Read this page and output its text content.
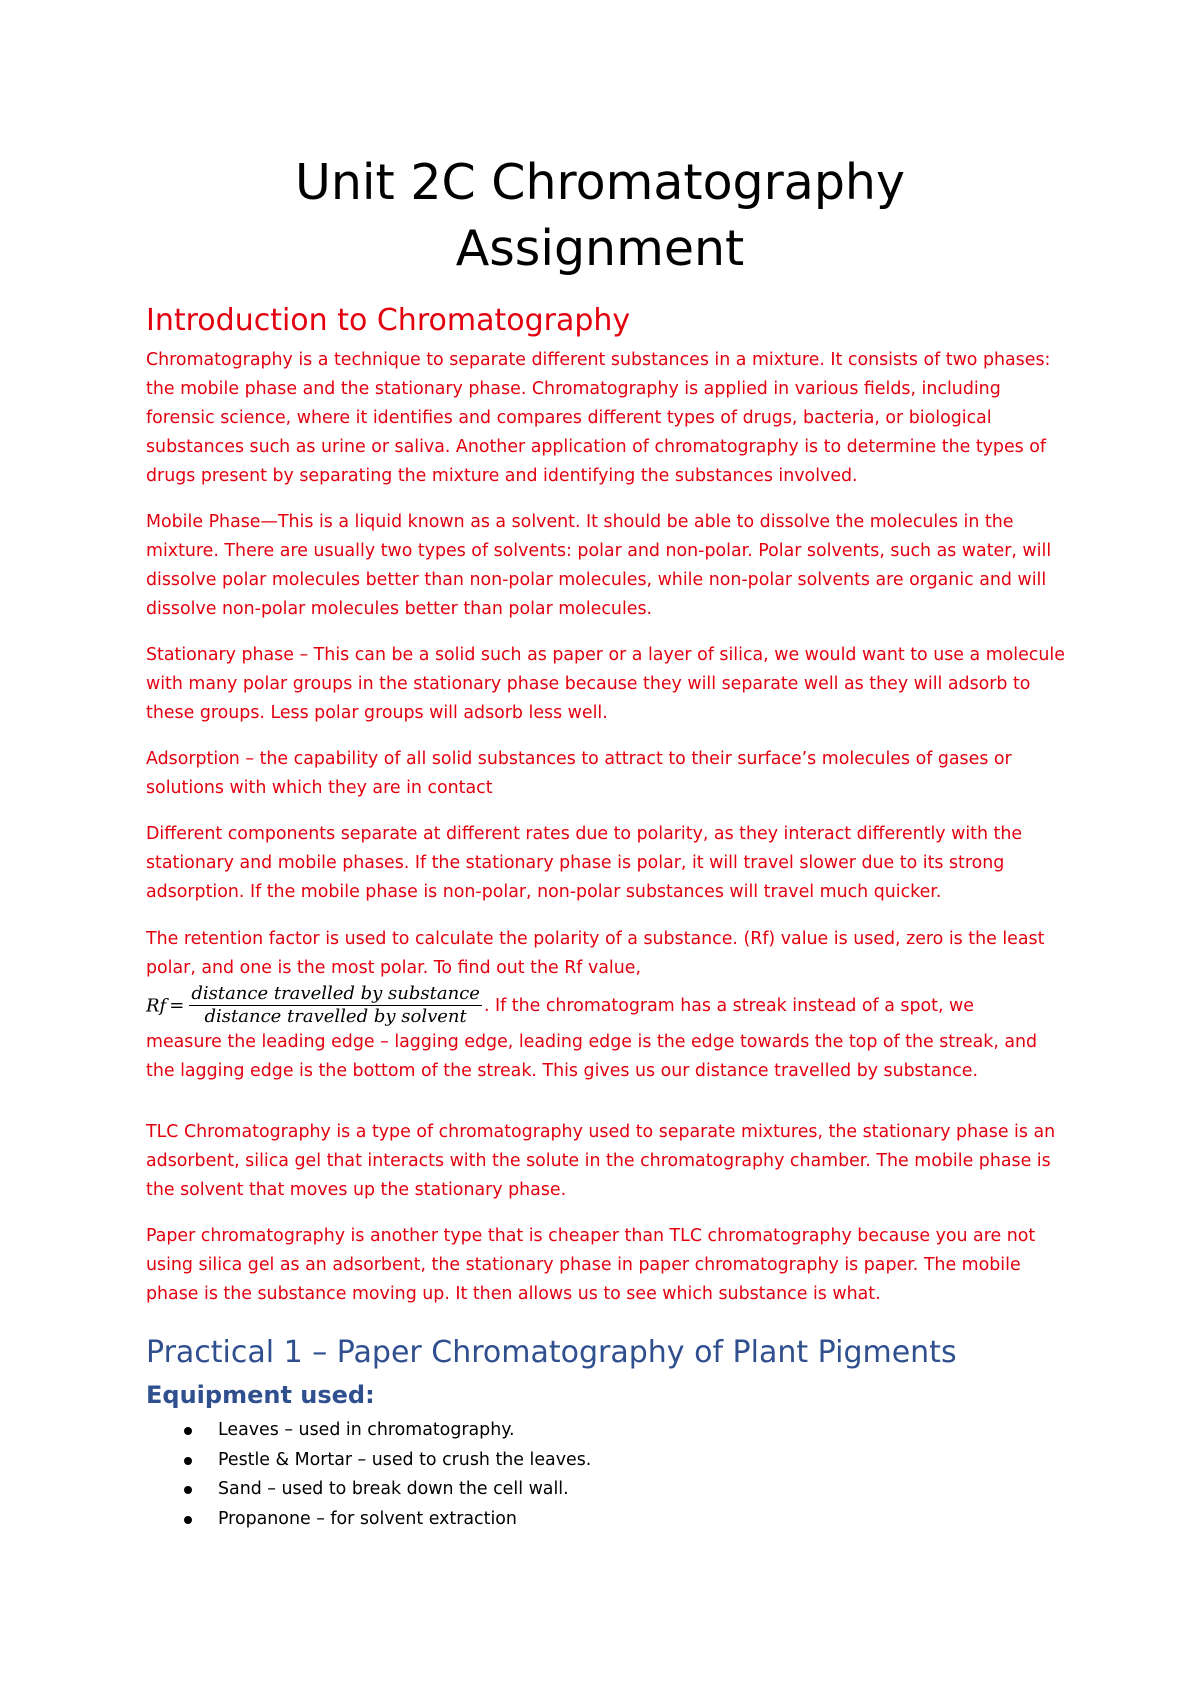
Unit 2C Chromatography
Assignment
Introduction to Chromatography

Chromatography is a technique to separate different substances in a mixture. It consists of two phases: the mobile phase and the stationary phase. Chromatography is applied in various fields, including forensic science, where it identifies and compares different types of drugs, bacteria, or biological substances such as urine or saliva. Another application of chromatography is to determine the types of drugs present by separating the mixture and identifying the substances involved.

Mobile Phase—This is a liquid known as a solvent. It should be able to dissolve the molecules in the mixture. There are usually two types of solvents: polar and non-polar. Polar solvents, such as water, will dissolve polar molecules better than non-polar molecules, while non-polar solvents are organic and will dissolve non-polar molecules better than polar molecules.

Stationary phase – This can be a solid such as paper or a layer of silica, we would want to use a molecule with many polar groups in the stationary phase because they will separate well as they will adsorb to these groups. Less polar groups will adsorb less well.

Adsorption – the capability of all solid substances to attract to their surface’s molecules of gases or solutions with which they are in contact

Different components separate at different rates due to polarity, as they interact differently with the stationary and mobile phases. If the stationary phase is polar, it will travel slower due to its strong adsorption. If the mobile phase is non-polar, non-polar substances will travel much quicker.

The retention factor is used to calculate the polarity of a substance. (Rf) value is used, zero is the least polar, and one is the most polar. To find out the Rf value,
$Rf = \frac{\text{distance travelled by substance}}{\text{distance travelled by solvent}}$ . If the chromatogram has a streak instead of a spot, we
measure the leading edge – lagging edge, leading edge is the edge towards the top of the streak, and the lagging edge is the bottom of the streak. This gives us our distance travelled by substance.

TLC Chromatography is a type of chromatography used to separate mixtures, the stationary phase is an adsorbent, silica gel that interacts with the solute in the chromatography chamber. The mobile phase is the solvent that moves up the stationary phase.

Paper chromatography is another type that is cheaper than TLC chromatography because you are not using silica gel as an adsorbent, the stationary phase in paper chromatography is paper. The mobile phase is the substance moving up. It then allows us to see which substance is what.

Practical 1 – Paper Chromatography of Plant Pigments
Equipment used:
Leaves – used in chromatography.
Pestle & Mortar – used to crush the leaves.
Sand – used to break down the cell wall.
Propanone – for solvent extraction
